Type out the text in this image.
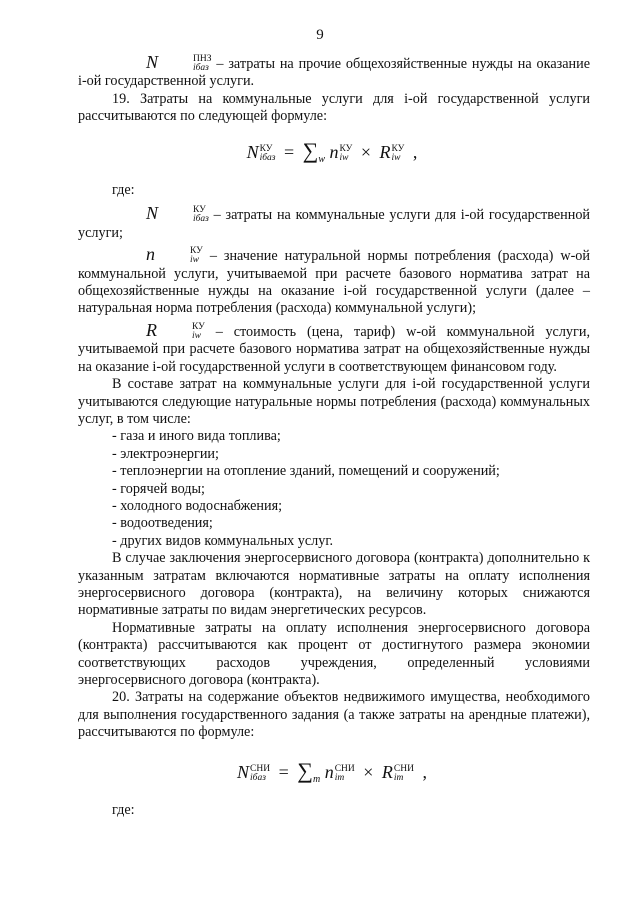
9

N	ПНЗ
iбаз – затраты на прочие общехозяйственные нужды на оказание i-ой государственной услуги.

19. Затраты на коммунальные услуги для i-ой государственной услуги рассчитываются по следующей формуле:

NКУ
iбаз = $\sum_w$ nКУ
iw × RКУ
iw ,

где:

N	КУ
iбаз – затраты на коммунальные услуги для i-ой государственной услуги;

n	КУ
iw – значение натуральной нормы потребления (расхода) w-ой коммунальной услуги, учитываемой при расчете базового норматива затрат на общехозяйственные нужды на оказание i-ой государственной услуги (далее – натуральная норма потребления (расхода) коммунальной услуги);

R	КУ
iw – стоимость (цена, тариф) w-ой коммунальной услуги, учитываемой при расчете базового норматива затрат на общехозяйственные нужды на оказание i-ой государственной услуги в соответствующем финансовом году.

В составе затрат на коммунальные услуги для i-ой государственной услуги учитываются следующие натуральные нормы потребления (расхода) коммунальных услуг, в том числе:

- газа и иного вида топлива;

- электроэнергии;

- теплоэнергии на отопление зданий, помещений и сооружений;

- горячей воды;

- холодного водоснабжения;

- водоотведения;

- других видов коммунальных услуг.

В случае заключения энергосервисного договора (контракта) дополнительно к указанным затратам включаются нормативные затраты на оплату исполнения энергосервисного договора (контракта), на величину которых снижаются нормативные затраты по видам энергетических ресурсов.

Нормативные затраты на оплату исполнения энергосервисного договора (контракта) рассчитываются как процент от достигнутого размера экономии соответствующих расходов учреждения, определенный условиями энергосервисного договора (контракта).

20. Затраты на содержание объектов недвижимого имущества, необходимого для выполнения государственного задания (а также затраты на арендные платежи), рассчитываются по формуле:

NСНИ
iбаз = $\sum_m$ nСНИ
im	× RСНИ
im	,

где:
